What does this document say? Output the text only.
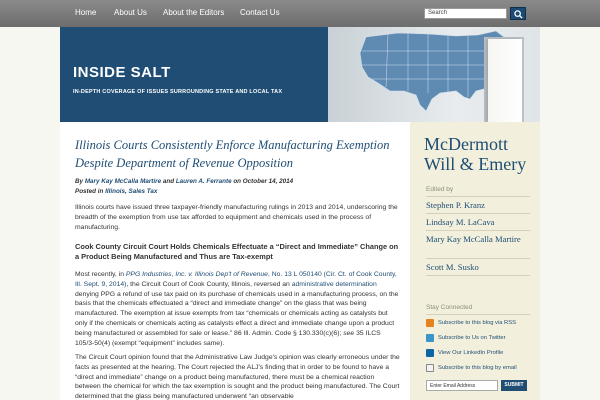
Home About Us About the Editors Contact Us	Search
INSIDE SALT
IN-DEPTH COVERAGE OF ISSUES SURROUNDING STATE AND LOCAL TAX
Illinois Courts Consistently Enforce Manufacturing Exemption Despite Department of Revenue Opposition
By Mary Kay McCalla Martire and Lauren A. Ferrante on October 14, 2014
Posted in Illinois, Sales Tax
Illinois courts have issued three taxpayer-friendly manufacturing rulings in 2013 and 2014, underscoring the breadth of the exemption from use tax afforded to equipment and chemicals used in the process of manufacturing.
Cook County Circuit Court Holds Chemicals Effectuate a “Direct and Immediate” Change on a Product Being Manufactured and Thus are Tax-exempt
Most recently, in PPG Industries, Inc. v. Illinois Dep't of Revenue, No. 13 L 050140 (Cir. Ct. of Cook County, Ill. Sept. 9, 2014), the Circuit Court of Cook County, Illinois, reversed an administrative determination denying PPG a refund of use tax paid on its purchase of chemicals used in a manufacturing process, on the basis that the chemicals effectuated a “direct and immediate change” on the glass that was being manufactured. The exemption at issue exempts from tax “chemicals or chemicals acting as catalysts but only if the chemicals or chemicals acting as catalysts effect a direct and immediate change upon a product being manufactured or assembled for sale or lease.” 86 Ill. Admin. Code § 130.330(c)(6); see 35 ILCS 105/3-50(4) (exempt “equipment” includes same).
The Circuit Court opinion found that the Administrative Law Judge's opinion was clearly erroneous under the facts as presented at the hearing. The Court rejected the ALJ's finding that in order to be found to have a “direct and immediate” change on a product being manufactured, there must be a chemical reaction between the chemical for which the tax exemption is sought and the product being manufactured. The Court determined that the glass being manufactured underwent “an observable
McDermott
Will & Emery
Edited by
Stephen P. Kranz
Lindsay M. LaCava
Mary Kay McCalla Martire
Scott M. Susko
Stay Connected
Subscribe to this blog via RSS
Subscribe to Us on Twitter
View Our LinkedIn Profile
Subscribe to this blog by email
Enter Email Address	SUBMIT
